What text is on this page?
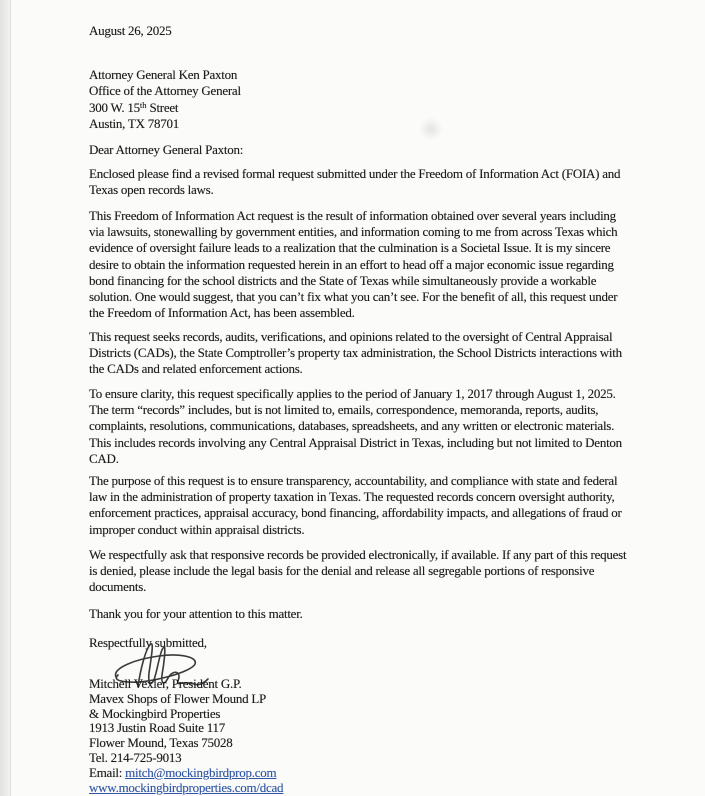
August 26, 2025
Attorney General Ken Paxton
Office of the Attorney General
300 W. 15th Street
Austin, TX 78701
Dear Attorney General Paxton:
Enclosed please find a revised formal request submitted under the Freedom of Information Act (FOIA) and
Texas open records laws.
This Freedom of Information Act request is the result of information obtained over several years including
via lawsuits, stonewalling by government entities, and information coming to me from across Texas which
evidence of oversight failure leads to a realization that the culmination is a Societal Issue. It is my sincere
desire to obtain the information requested herein in an effort to head off a major economic issue regarding
bond financing for the school districts and the State of Texas while simultaneously provide a workable
solution. One would suggest, that you can’t fix what you can’t see. For the benefit of all, this request under
the Freedom of Information Act, has been assembled.
This request seeks records, audits, verifications, and opinions related to the oversight of Central Appraisal
Districts (CADs), the State Comptroller’s property tax administration, the School Districts interactions with
the CADs and related enforcement actions.
To ensure clarity, this request specifically applies to the period of January 1, 2017 through August 1, 2025.
The term “records” includes, but is not limited to, emails, correspondence, memoranda, reports, audits,
complaints, resolutions, communications, databases, spreadsheets, and any written or electronic materials.
This includes records involving any Central Appraisal District in Texas, including but not limited to Denton
CAD.
The purpose of this request is to ensure transparency, accountability, and compliance with state and federal
law in the administration of property taxation in Texas. The requested records concern oversight authority,
enforcement practices, appraisal accuracy, bond financing, affordability impacts, and allegations of fraud or
improper conduct within appraisal districts.
We respectfully ask that responsive records be provided electronically, if available. If any part of this request
is denied, please include the legal basis for the denial and release all segregable portions of responsive
documents.
Thank you for your attention to this matter.
Respectfully submitted,
Mitchell Vexler, President G.P.
Mavex Shops of Flower Mound LP
& Mockingbird Properties
1913 Justin Road Suite 117
Flower Mound, Texas 75028
Tel. 214-725-9013
Email: mitch@mockingbirdprop.com
www.mockingbirdproperties.com/dcad
